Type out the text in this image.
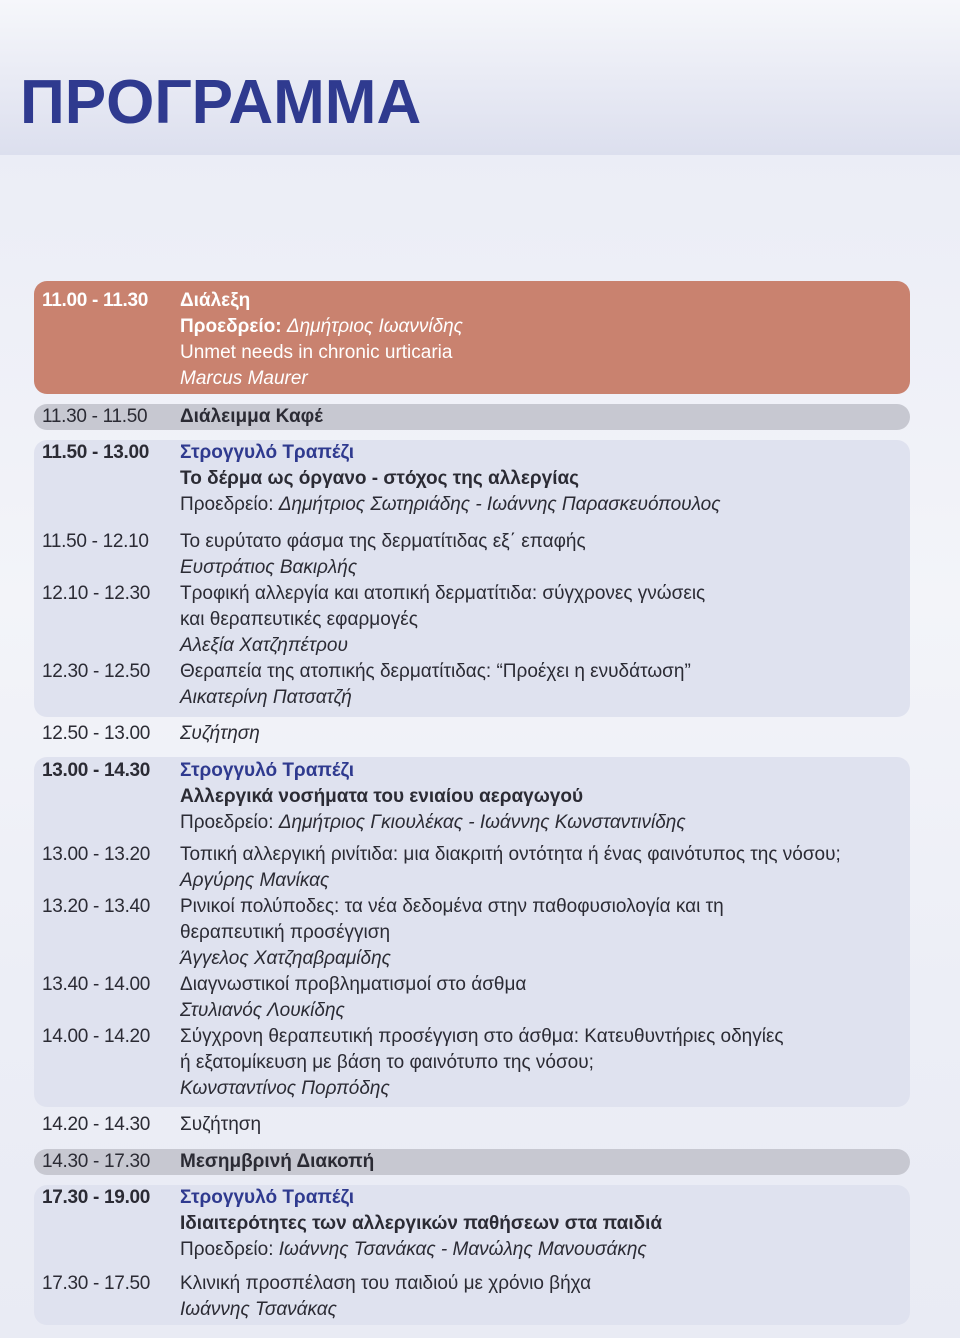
ΠΡΟΓΡΑΜΜΑ
11.00 - 11.30	Διάλεξη
Προεδρείο: Δημήτριος Ιωαννίδης
Unmet needs in chronic urticaria
Marcus Maurer
11.30 - 11.50	Διάλειμμα Καφέ
11.50 - 13.00	Στρογγυλό Τραπέζι
Το δέρμα ως όργανο - στόχος της αλλεργίας
Προεδρείο: Δημήτριος Σωτηριάδης - Ιωάννης Παρασκευόπουλος
11.50 - 12.10	Το ευρύτατο φάσμα της δερματίτιδας εξ΄ επαφής
Ευστράτιος Βακιρλής
12.10 - 12.30	Τροφική αλλεργία και ατοπική δερματίτιδα: σύγχρονες γνώσεις
και θεραπευτικές εφαρμογές
Αλεξία Χατζηπέτρου
12.30 - 12.50	Θεραπεία της ατοπικής δερματίτιδας: “Προέχει η ενυδάτωση”
Αικατερίνη Πατσατζή
12.50 - 13.00	Συζήτηση
13.00 - 14.30	Στρογγυλό Τραπέζι
Αλλεργικά νοσήματα του ενιαίου αεραγωγού
Προεδρείο: Δημήτριος Γκιουλέκας - Ιωάννης Κωνσταντινίδης
13.00 - 13.20	Τοπική αλλεργική ρινίτιδα: μια διακριτή οντότητα ή ένας φαινότυπος της νόσου;
Αργύρης Μανίκας
13.20 - 13.40	Ρινικοί πολύποδες: τα νέα δεδομένα στην παθοφυσιολογία και τη
θεραπευτική προσέγγιση
Άγγελος Χατζηαβραμίδης
13.40 - 14.00	Διαγνωστικοί προβληματισμοί στο άσθμα
Στυλιανός Λουκίδης
14.00 - 14.20	Σύγχρονη θεραπευτική προσέγγιση στο άσθμα: Κατευθυντήριες οδηγίες
ή εξατομίκευση με βάση το φαινότυπο της νόσου;
Κωνσταντίνος Πορπόδης
14.20 - 14.30	Συζήτηση
14.30 - 17.30	Μεσημβρινή Διακοπή
17.30 - 19.00	Στρογγυλό Τραπέζι
Ιδιαιτερότητες των αλλεργικών παθήσεων στα παιδιά
Προεδρείο: Ιωάννης Τσανάκας - Μανώλης Μανουσάκης
17.30 - 17.50	Κλινική προσπέλαση του παιδιού με χρόνιο βήχα
Ιωάννης Τσανάκας
